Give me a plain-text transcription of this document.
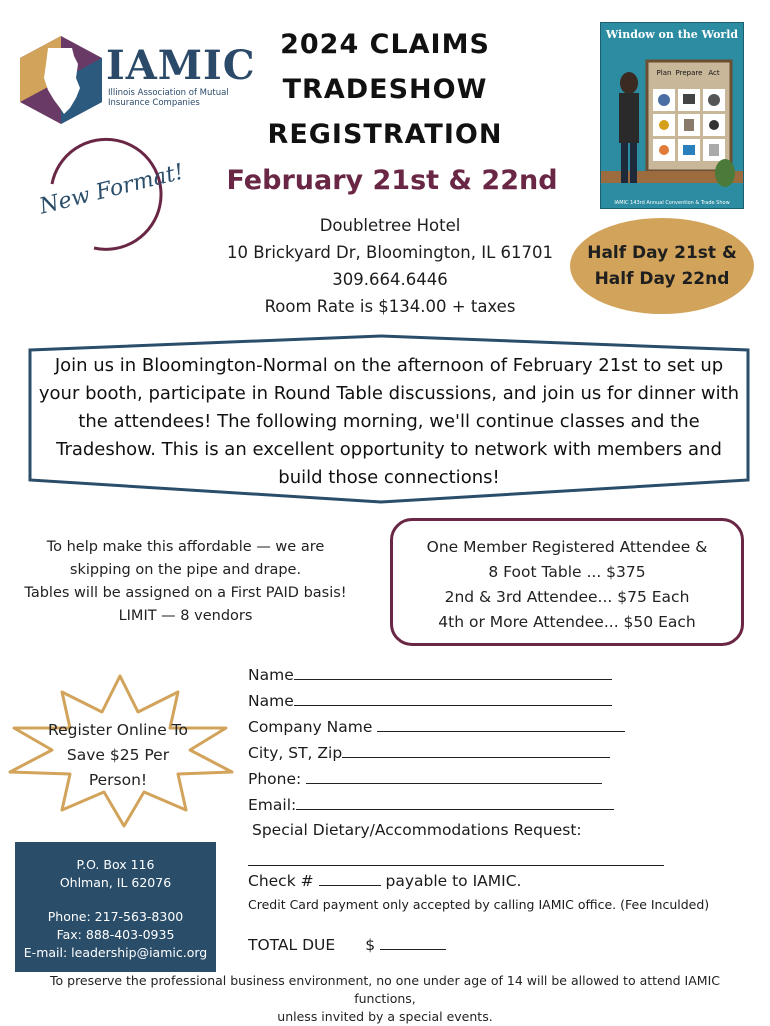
IAMIC
Illinois Association of Mutual
Insurance Companies
2024 CLAIMS
TRADESHOW
REGISTRATION
New Format!	February 21st & 22nd
Doubletree Hotel
10 Brickyard Dr, Bloomington, IL 61701
309.664.6446
Room Rate is $134.00 + taxes
Window on the World
Plan Prepare Act
IAMIC 143rd Annual Convention & Trade Show
Half Day 21st &
Half Day 22nd
Join us in Bloomington-Normal on the afternoon of February 21st to set up your booth, participate in Round Table discussions, and join us for dinner with the attendees! The following morning, we'll continue classes and the Tradeshow. This is an excellent opportunity to network with members and build those connections!
To help make this affordable — we are
skipping on the pipe and drape.
Tables will be assigned on a First PAID basis!
LIMIT — 8 vendors
One Member Registered Attendee &
8 Foot Table ... $375
2nd & 3rd Attendee... $75 Each
4th or More Attendee... $50 Each
Register Online To
Save $25 Per
Person!
P.O. Box 116
Ohlman, IL 62076
Phone: 217-563-8300
Fax: 888-403-0935
E-mail: leadership@iamic.org
Name
Name
Company Name
City, ST, Zip
Phone:
Email:
Special Dietary/Accommodations Request:
Check #	payable to IAMIC.
Credit Card payment only accepted by calling IAMIC office. (Fee Inculded)
TOTAL DUE $
To preserve the professional business environment, no one under age of 14 will be allowed to attend IAMIC functions,
unless invited by a special events.
